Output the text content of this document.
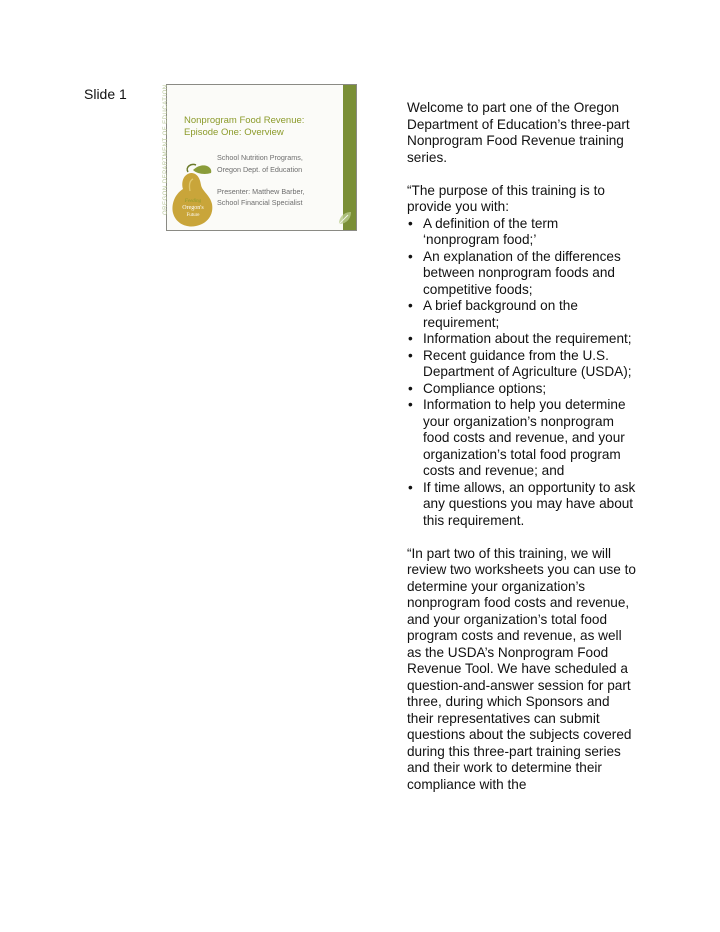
Slide 1	OREGON DEPARTMENT OF EDUCATION Nonprogram Food Revenue:
Episode One: Overview
School Nutrition Programs,
Oregon Dept. of Education
Presenter: Matthew Barber,
School Financial Specialist
Feeding
Oregon's
Future

Welcome to part one of the Oregon Department of Education’s three-part Nonprogram Food Revenue training series.

“The purpose of this training is to provide you with:

• A definition of the term ‘nonprogram food;’
• An explanation of the differences between nonprogram foods and competitive foods;
• A brief background on the requirement;
• Information about the requirement;
• Recent guidance from the U.S. Department of Agriculture (USDA);
• Compliance options;
• Information to help you determine your organization’s nonprogram food costs and revenue, and your organization’s total food program costs and revenue; and
• If time allows, an opportunity to ask any questions you may have about this requirement.

“In part two of this training, we will review two worksheets you can use to determine your organization’s nonprogram food costs and revenue, and your organization’s total food program costs and revenue, as well as the USDA’s Nonprogram Food Revenue Tool. We have scheduled a question-and-answer session for part three, during which Sponsors and their representatives can submit questions about the subjects covered during this three-part training series and their work to determine their compliance with the
